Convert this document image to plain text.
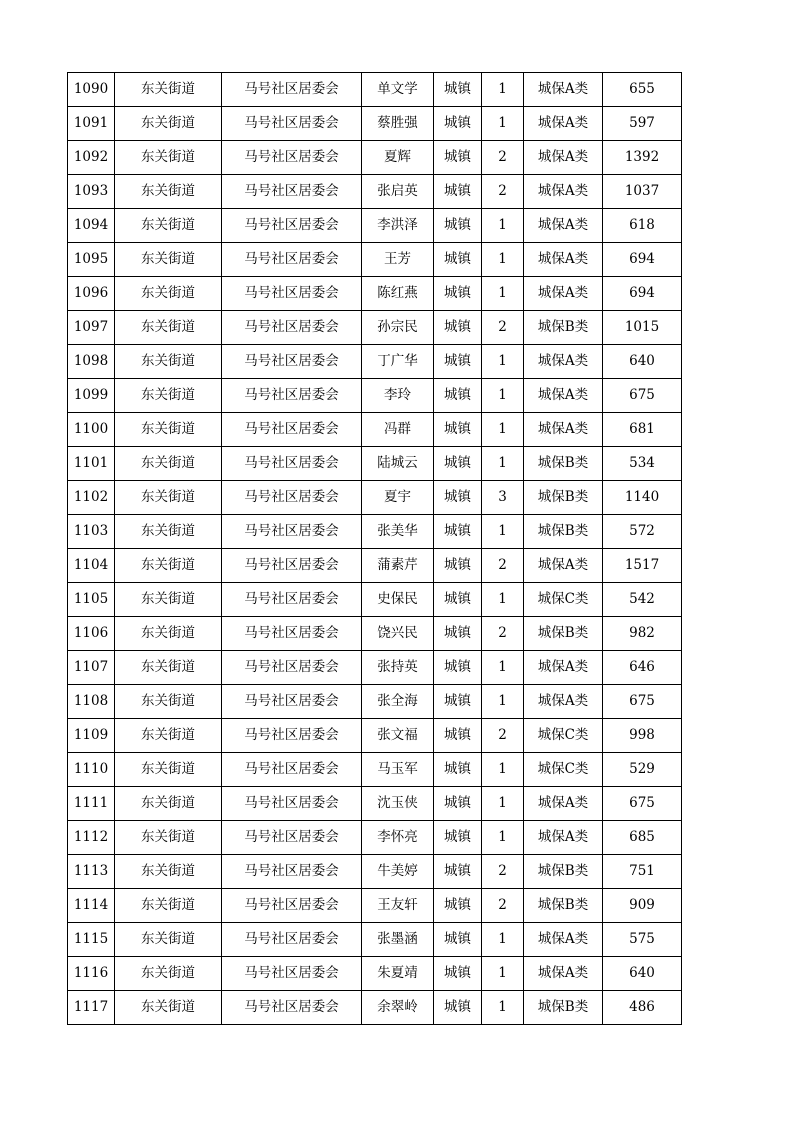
1090	东关街道	马号社区居委会	单文学	城镇	1	城保A类	655
1091	东关街道	马号社区居委会	蔡胜强	城镇	1	城保A类	597
1092	东关街道	马号社区居委会	夏辉	城镇	2	城保A类	1392
1093	东关街道	马号社区居委会	张启英	城镇	2	城保A类	1037
1094	东关街道	马号社区居委会	李洪泽	城镇	1	城保A类	618
1095	东关街道	马号社区居委会	王芳	城镇	1	城保A类	694
1096	东关街道	马号社区居委会	陈红燕	城镇	1	城保A类	694
1097	东关街道	马号社区居委会	孙宗民	城镇	2	城保B类	1015
1098	东关街道	马号社区居委会	丁广华	城镇	1	城保A类	640
1099	东关街道	马号社区居委会	李玲	城镇	1	城保A类	675
1100	东关街道	马号社区居委会	冯群	城镇	1	城保A类	681
1101	东关街道	马号社区居委会	陆城云	城镇	1	城保B类	534
1102	东关街道	马号社区居委会	夏宇	城镇	3	城保B类	1140
1103	东关街道	马号社区居委会	张美华	城镇	1	城保B类	572
1104	东关街道	马号社区居委会	蒲素芹	城镇	2	城保A类	1517
1105	东关街道	马号社区居委会	史保民	城镇	1	城保C类	542
1106	东关街道	马号社区居委会	饶兴民	城镇	2	城保B类	982
1107	东关街道	马号社区居委会	张持英	城镇	1	城保A类	646
1108	东关街道	马号社区居委会	张全海	城镇	1	城保A类	675
1109	东关街道	马号社区居委会	张文福	城镇	2	城保C类	998
1110	东关街道	马号社区居委会	马玉军	城镇	1	城保C类	529
1111	东关街道	马号社区居委会	沈玉侠	城镇	1	城保A类	675
1112	东关街道	马号社区居委会	李怀亮	城镇	1	城保A类	685
1113	东关街道	马号社区居委会	牛美婷	城镇	2	城保B类	751
1114	东关街道	马号社区居委会	王友轩	城镇	2	城保B类	909
1115	东关街道	马号社区居委会	张墨涵	城镇	1	城保A类	575
1116	东关街道	马号社区居委会	朱夏靖	城镇	1	城保A类	640
1117	东关街道	马号社区居委会	余翠岭	城镇	1	城保B类	486
